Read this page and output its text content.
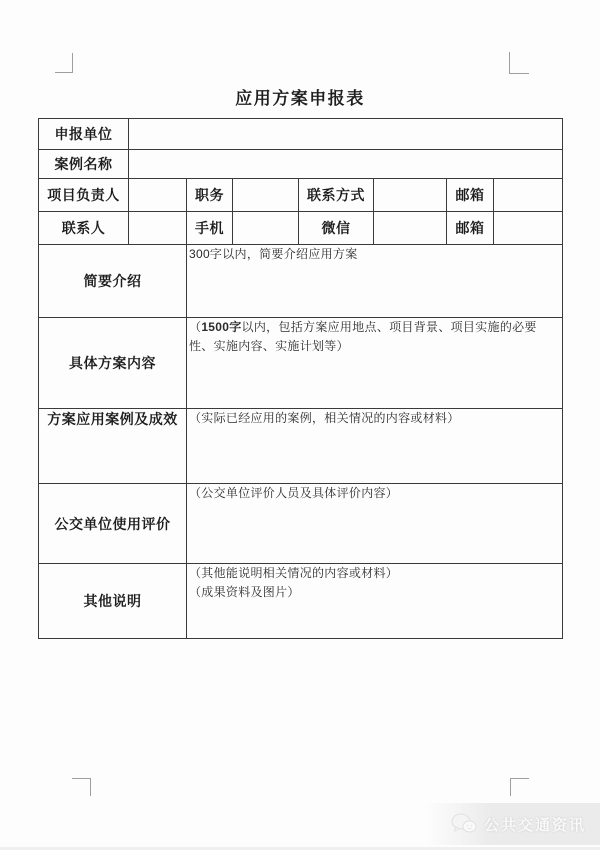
应用方案申报表
申报单位							
案例名称							
项目负责人		职务		联系方式		邮箱	
联系人		手机		微信		邮箱	
简要介绍		300字以内，简要介绍应用方案					

具体方案内容		（1500字以内，包括方案应用地点、项目背景、项目实施的必要性、实施内容、实施计划等）					

方案应用案例及成效		（实际已经应用的案例，相关情况的内容或材料）					

公交单位使用评价		（公交单位评价人员及具体评价内容）					

其他说明		（其他能说明相关情况的内容或材料）
（成果资料及图片）					
公共交通资讯
